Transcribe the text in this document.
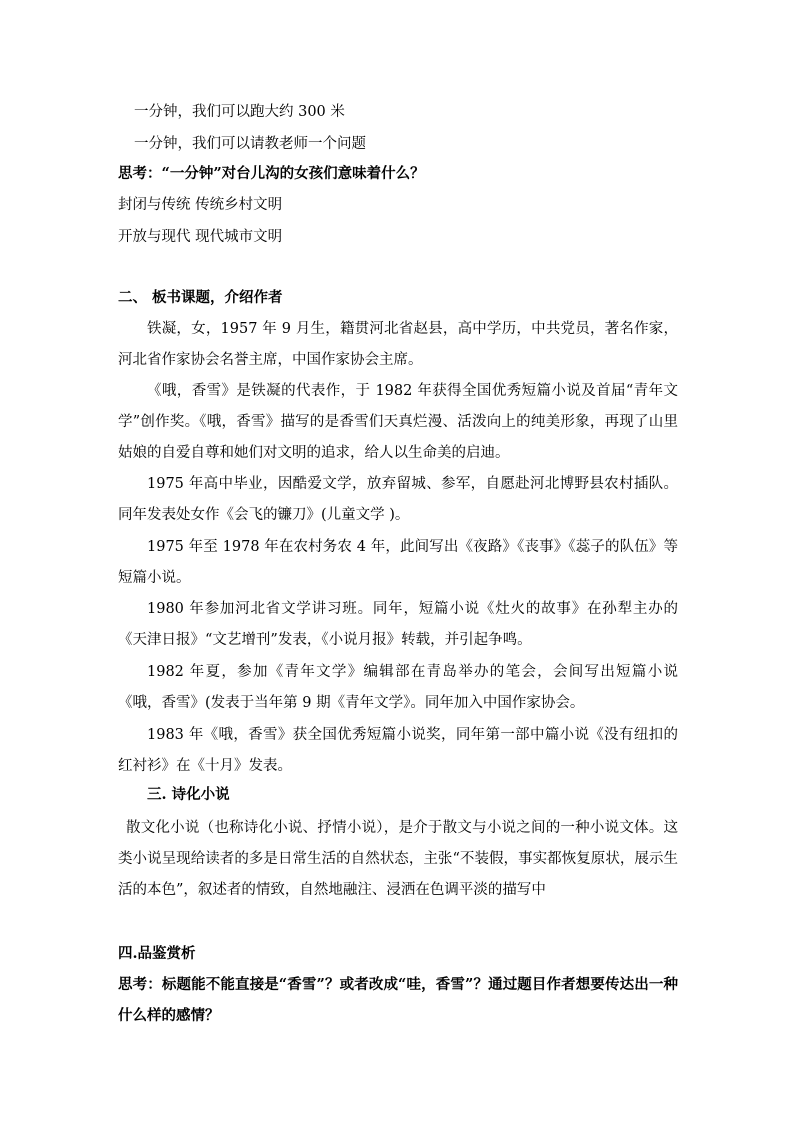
一分钟，我们可以跑大约 300 米
一分钟，我们可以请教老师一个问题
思考：“一分钟”对台儿沟的女孩们意味着什么？
封闭与传统 传统乡村文明
开放与现代 现代城市文明
二、 板书课题，介绍作者
铁凝，女，1957 年 9 月生，籍贯河北省赵县，高中学历，中共党员，著名作家，河北省作家协会名誉主席，中国作家协会主席。
《哦，香雪》是铁凝的代表作，于 1982 年获得全国优秀短篇小说及首届“青年文学”创作奖。《哦，香雪》描写的是香雪们天真烂漫、活泼向上的纯美形象，再现了山里姑娘的自爱自尊和她们对文明的追求，给人以生命美的启迪。
1975 年高中毕业，因酷爱文学，放弃留城、参军，自愿赴河北博野县农村插队。同年发表处女作《会飞的镰刀》(儿童文学 )。
1975 年至 1978 年在农村务农 4 年，此间写出《夜路》《丧事》《蕊子的队伍》等短篇小说。
1980 年参加河北省文学讲习班。同年，短篇小说《灶火的故事》在孙犁主办的《天津日报》“文艺增刊”发表，《小说月报》转载，并引起争鸣。
1982 年夏，参加《青年文学》编辑部在青岛举办的笔会，会间写出短篇小说《哦，香雪》(发表于当年第 9 期《青年文学》。同年加入中国作家协会。
1983 年《哦，香雪》获全国优秀短篇小说奖，同年第一部中篇小说《没有纽扣的红衬衫》在《十月》发表。
三. 诗化小说
散文化小说（也称诗化小说、抒情小说），是介于散文与小说之间的一种小说文体。这类小说呈现给读者的多是日常生活的自然状态，主张“不装假，事实都恢复原状，展示生活的本色”，叙述者的情致，自然地融注、浸洒在色调平淡的描写中
四.品鉴赏析
思考：标题能不能直接是“香雪”？或者改成“哇，香雪”？通过题目作者想要传达出一种什么样的感情？
